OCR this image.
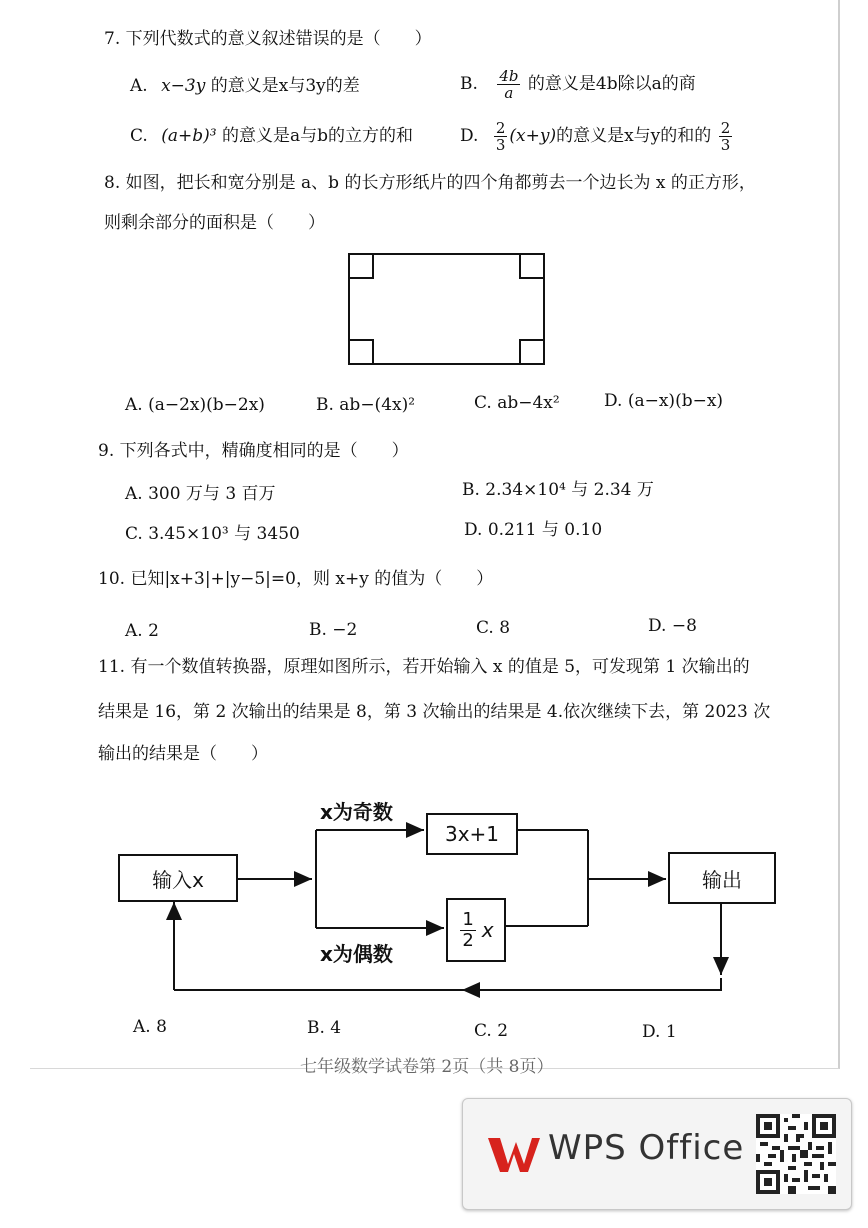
7. 下列代数式的意义叙述错误的是（　　）
A. x−3y 的意义是x与3y的差	B. $\frac{4b}{a}$ 的意义是4b除以a的商
C. (a+b)³ 的意义是a与b的立方的和	D. $\frac{2}{3} (x+y)$的意义是x与y的和的 $\frac{2}{3}$
8. 如图，把长和宽分别是 a、b 的长方形纸片的四个角都剪去一个边长为 x 的正方形，
则剩余部分的面积是（　　）
A. (a−2x)(b−2x)	B. ab−(4x)²	C. ab−4x²	D. (a−x)(b−x)
9. 下列各式中，精确度相同的是（　　）
A. 300 万与 3 百万	B. 2.34×10⁴ 与 2.34 万
C. 3.45×10³ 与 3450	D. 0.211 与 0.10
10. 已知|x+3|+|y−5|=0，则 x+y 的值为（　　）
A. 2	B. −2	C. 8	D. −8
11. 有一个数值转换器，原理如图所示，若开始输入 x 的值是 5，可发现第 1 次输出的
结果是 16，第 2 次输出的结果是 8，第 3 次输出的结果是 4.依次继续下去，第 2023 次
输出的结果是（　　）
输入x
x为奇数
3x+1
$\frac{1}{2}$ x
x为偶数
输出
A. 8	B. 4	C. 2	D. 1
七年级数学试卷第 2页（共 8页）
WPS Office
